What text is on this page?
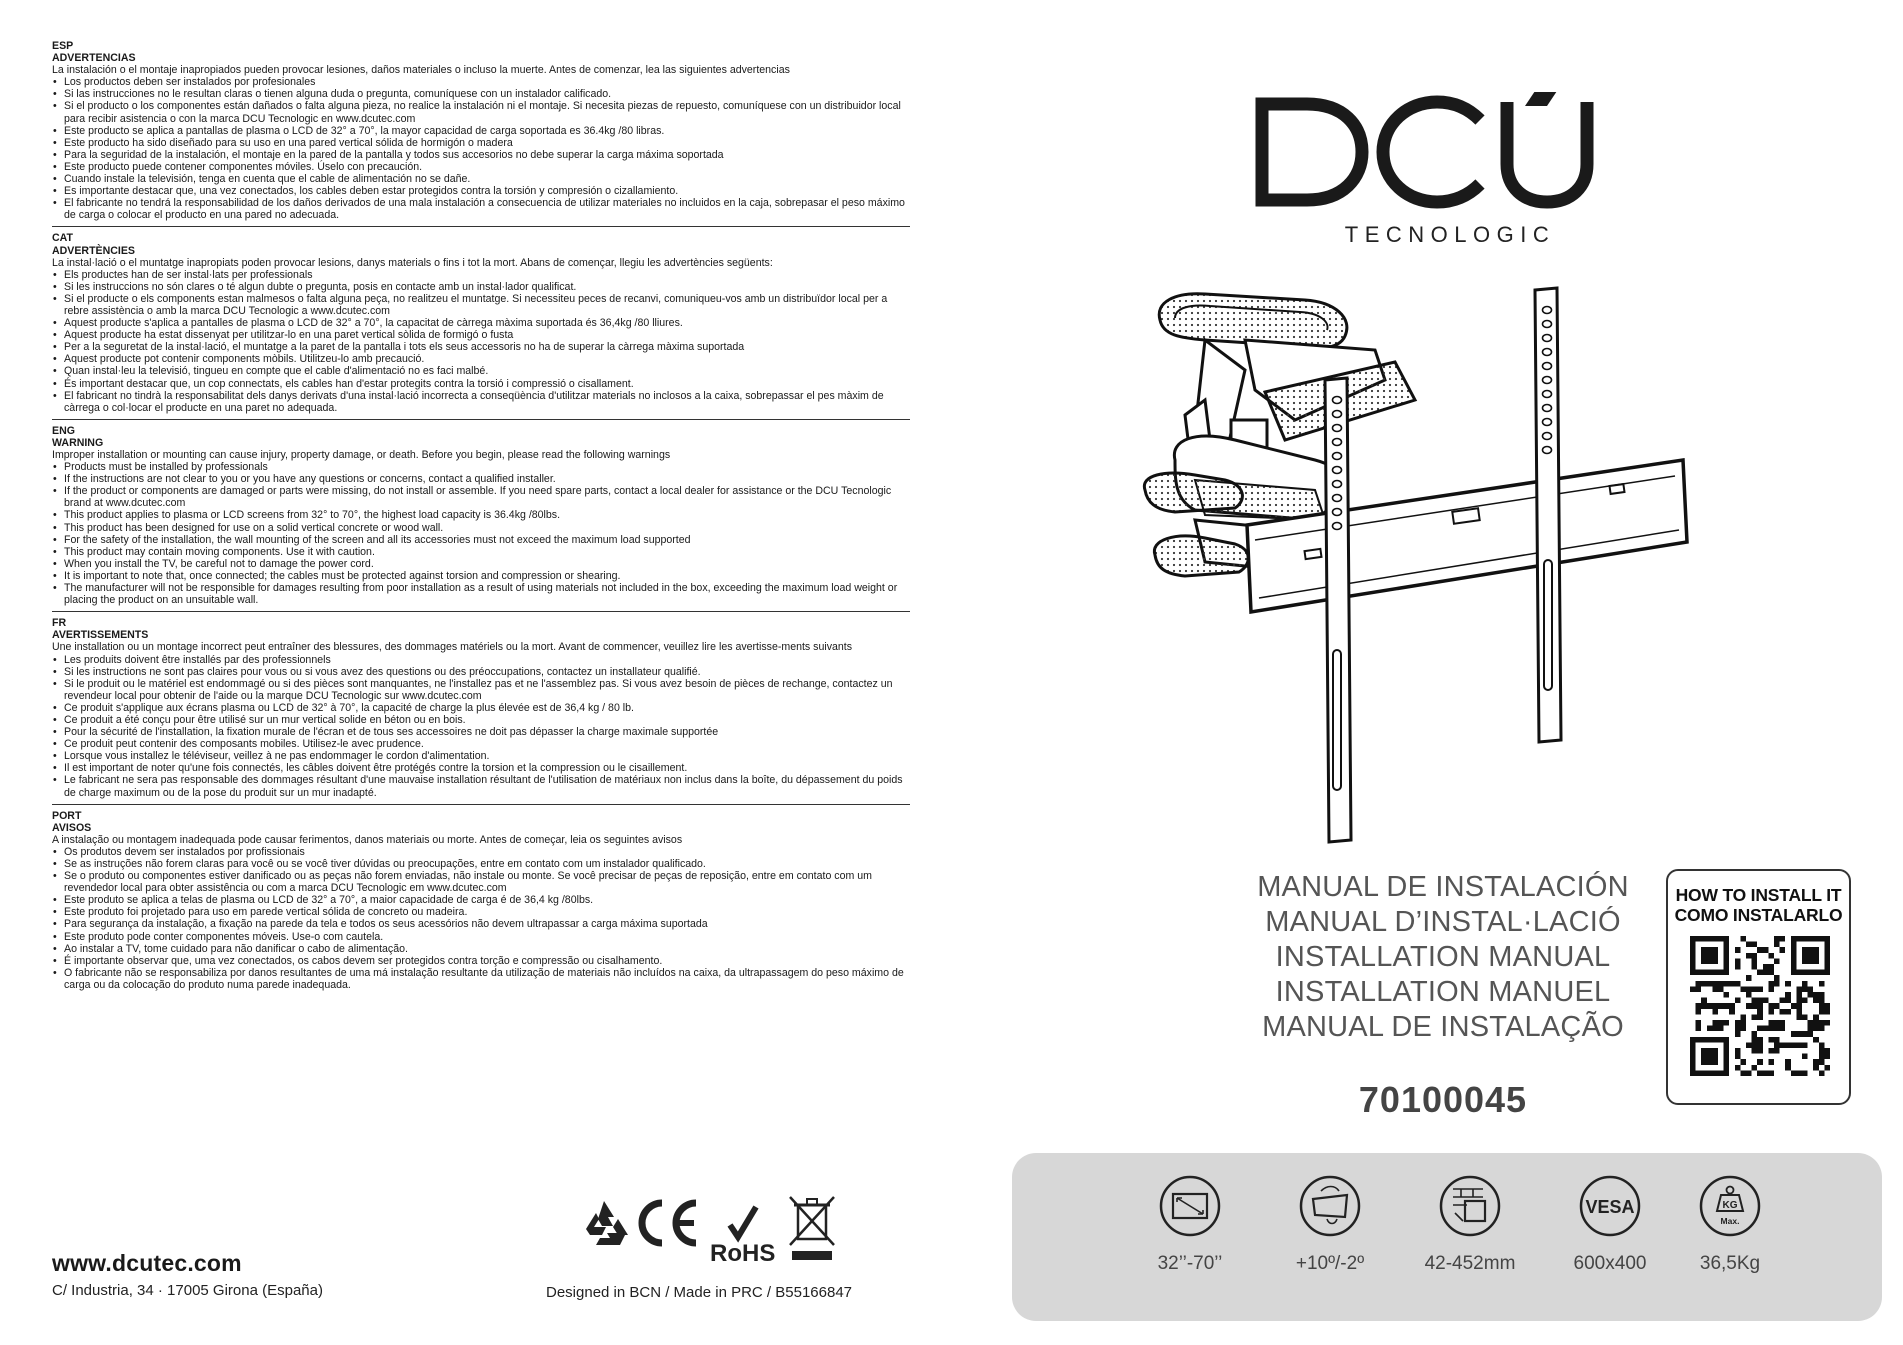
ESP
ADVERTENCIAS
La instalación o el montaje inapropiados pueden provocar lesiones, daños materiales o incluso la muerte. Antes de comenzar, lea las siguientes advertencias
• Los productos deben ser instalados por profesionales
• Si las instrucciones no le resultan claras o tienen alguna duda o pregunta, comuníquese con un instalador calificado.
• Si el producto o los componentes están dañados o falta alguna pieza, no realice la instalación ni el montaje. Si necesita piezas de repuesto, comuníquese con un distribuidor local para recibir asistencia o con la marca DCU Tecnologic en www.dcutec.com
• Este producto se aplica a pantallas de plasma o LCD de 32° a 70°, la mayor capacidad de carga soportada es 36.4kg /80 libras.
• Este producto ha sido diseñado para su uso en una pared vertical sólida de hormigón o madera
• Para la seguridad de la instalación, el montaje en la pared de la pantalla y todos sus accesorios no debe superar la carga máxima soportada
• Este producto puede contener componentes móviles. Úselo con precaución.
• Cuando instale la televisión, tenga en cuenta que el cable de alimentación no se dañe.
• Es importante destacar que, una vez conectados, los cables deben estar protegidos contra la torsión y compresión o cizallamiento.
• El fabricante no tendrá la responsabilidad de los daños derivados de una mala instalación a consecuencia de utilizar materiales no incluidos en la caja, sobrepasar el peso máximo de carga o colocar el producto en una pared no adecuada.
CAT
ADVERTÈNCIES
La instal·lació o el muntatge inapropiats poden provocar lesions, danys materials o fins i tot la mort. Abans de començar, llegiu les advertències següents:
• Els productes han de ser instal·lats per professionals
• Si les instruccions no són clares o té algun dubte o pregunta, posis en contacte amb un instal·lador qualificat.
• Si el producte o els components estan malmesos o falta alguna peça, no realitzeu el muntatge. Si necessiteu peces de recanvi, comuniqueu-vos amb un distribuïdor local per a rebre assistència o amb la marca DCU Tecnologic a www.dcutec.com
• Aquest producte s'aplica a pantalles de plasma o LCD de 32° a 70°, la capacitat de càrrega màxima suportada és 36,4kg /80 lliures.
• Aquest producte ha estat dissenyat per utilitzar-lo en una paret vertical sòlida de formigó o fusta
• Per a la seguretat de la instal·lació, el muntatge a la paret de la pantalla i tots els seus accessoris no ha de superar la càrrega màxima suportada
• Aquest producte pot contenir components mòbils. Utilitzeu-lo amb precaució.
• Quan instal·leu la televisió, tingueu en compte que el cable d'alimentació no es faci malbé.
• És important destacar que, un cop connectats, els cables han d'estar protegits contra la torsió i compressió o cisallament.
• El fabricant no tindrà la responsabilitat dels danys derivats d'una instal·lació incorrecta a conseqüència d'utilitzar materials no inclosos a la caixa, sobrepassar el pes màxim de càrrega o col·locar el producte en una paret no adequada.
ENG
WARNING
Improper installation or mounting can cause injury, property damage, or death. Before you begin, please read the following warnings
• Products must be installed by professionals
• If the instructions are not clear to you or you have any questions or concerns, contact a qualified installer.
• If the product or components are damaged or parts were missing, do not install or assemble. If you need spare parts, contact a local dealer for assistance or the DCU Tecnologic brand at www.dcutec.com
• This product applies to plasma or LCD screens from 32° to 70°, the highest load capacity is 36.4kg /80lbs.
• This product has been designed for use on a solid vertical concrete or wood wall.
• For the safety of the installation, the wall mounting of the screen and all its accessories must not exceed the maximum load supported
• This product may contain moving components. Use it with caution.
• When you install the TV, be careful not to damage the power cord.
• It is important to note that, once connected; the cables must be protected against torsion and compression or shearing.
• The manufacturer will not be responsible for damages resulting from poor installation as a result of using materials not included in the box, exceeding the maximum load weight or placing the product on an unsuitable wall.
FR
AVERTISSEMENTS
Une installation ou un montage incorrect peut entraîner des blessures, des dommages matériels ou la mort. Avant de commencer, veuillez lire les avertisse-ments suivants
• Les produits doivent être installés par des professionnels
• Si les instructions ne sont pas claires pour vous ou si vous avez des questions ou des préoccupations, contactez un installateur qualifié.
• Si le produit ou le matériel est endommagé ou si des pièces sont manquantes, ne l'installez pas et ne l'assemblez pas. Si vous avez besoin de pièces de rechange, contactez un revendeur local pour obtenir de l'aide ou la marque DCU Tecnologic sur www.dcutec.com
• Ce produit s'applique aux écrans plasma ou LCD de 32° à 70°, la capacité de charge la plus élevée est de 36,4 kg / 80 lb.
• Ce produit a été conçu pour être utilisé sur un mur vertical solide en béton ou en bois.
• Pour la sécurité de l'installation, la fixation murale de l'écran et de tous ses accessoires ne doit pas dépasser la charge maximale supportée
• Ce produit peut contenir des composants mobiles. Utilisez-le avec prudence.
• Lorsque vous installez le téléviseur, veillez à ne pas endommager le cordon d'alimentation.
• Il est important de noter qu'une fois connectés, les câbles doivent être protégés contre la torsion et la compression ou le cisaillement.
• Le fabricant ne sera pas responsable des dommages résultant d'une mauvaise installation résultant de l'utilisation de matériaux non inclus dans la boîte, du dépassement du poids de charge maximum ou de la pose du produit sur un mur inadapté.
PORT
AVISOS
A instalação ou montagem inadequada pode causar ferimentos, danos materiais ou morte. Antes de começar, leia os seguintes avisos
• Os produtos devem ser instalados por profissionais
• Se as instruções não forem claras para você ou se você tiver dúvidas ou preocupações, entre em contato com um instalador qualificado.
• Se o produto ou componentes estiver danificado ou as peças não forem enviadas, não instale ou monte. Se você precisar de peças de reposição, entre em contato com um revendedor local para obter assistência ou com a marca DCU Tecnologic em www.dcutec.com
• Este produto se aplica a telas de plasma ou LCD de 32° a 70°, a maior capacidade de carga é de 36,4 kg /80lbs.
• Este produto foi projetado para uso em parede vertical sólida de concreto ou madeira.
• Para segurança da instalação, a fixação na parede da tela e todos os seus acessórios não devem ultrapassar a carga máxima suportada
• Este produto pode conter componentes móveis. Use-o com cautela.
• Ao instalar a TV, tome cuidado para não danificar o cabo de alimentação.
• É importante observar que, uma vez conectados, os cabos devem ser protegidos contra torção e compressão ou cisalhamento.
• O fabricante não se responsabiliza por danos resultantes de uma má instalação resultante da utilização de materiais não incluídos na caixa, da ultrapassagem do peso máximo de carga ou da colocação do produto numa parede inadequada.
www.dcutec.com
C/ Industria, 34 · 17005 Girona (España)
RoHS
Designed in BCN / Made in PRC / B55166847
TECNOLOGIC
MANUAL DE INSTALACIÓN
MANUAL D’INSTAL·LACIÓ
INSTALLATION MANUAL
INSTALLATION MANUEL
MANUAL DE INSTALAÇÃO
70100045
HOW TO INSTALL IT
COMO INSTALARLO
32’’-70’’	+10º/-2º	42-452mm
VESA
600x400
KG
Max.
36,5Kg
